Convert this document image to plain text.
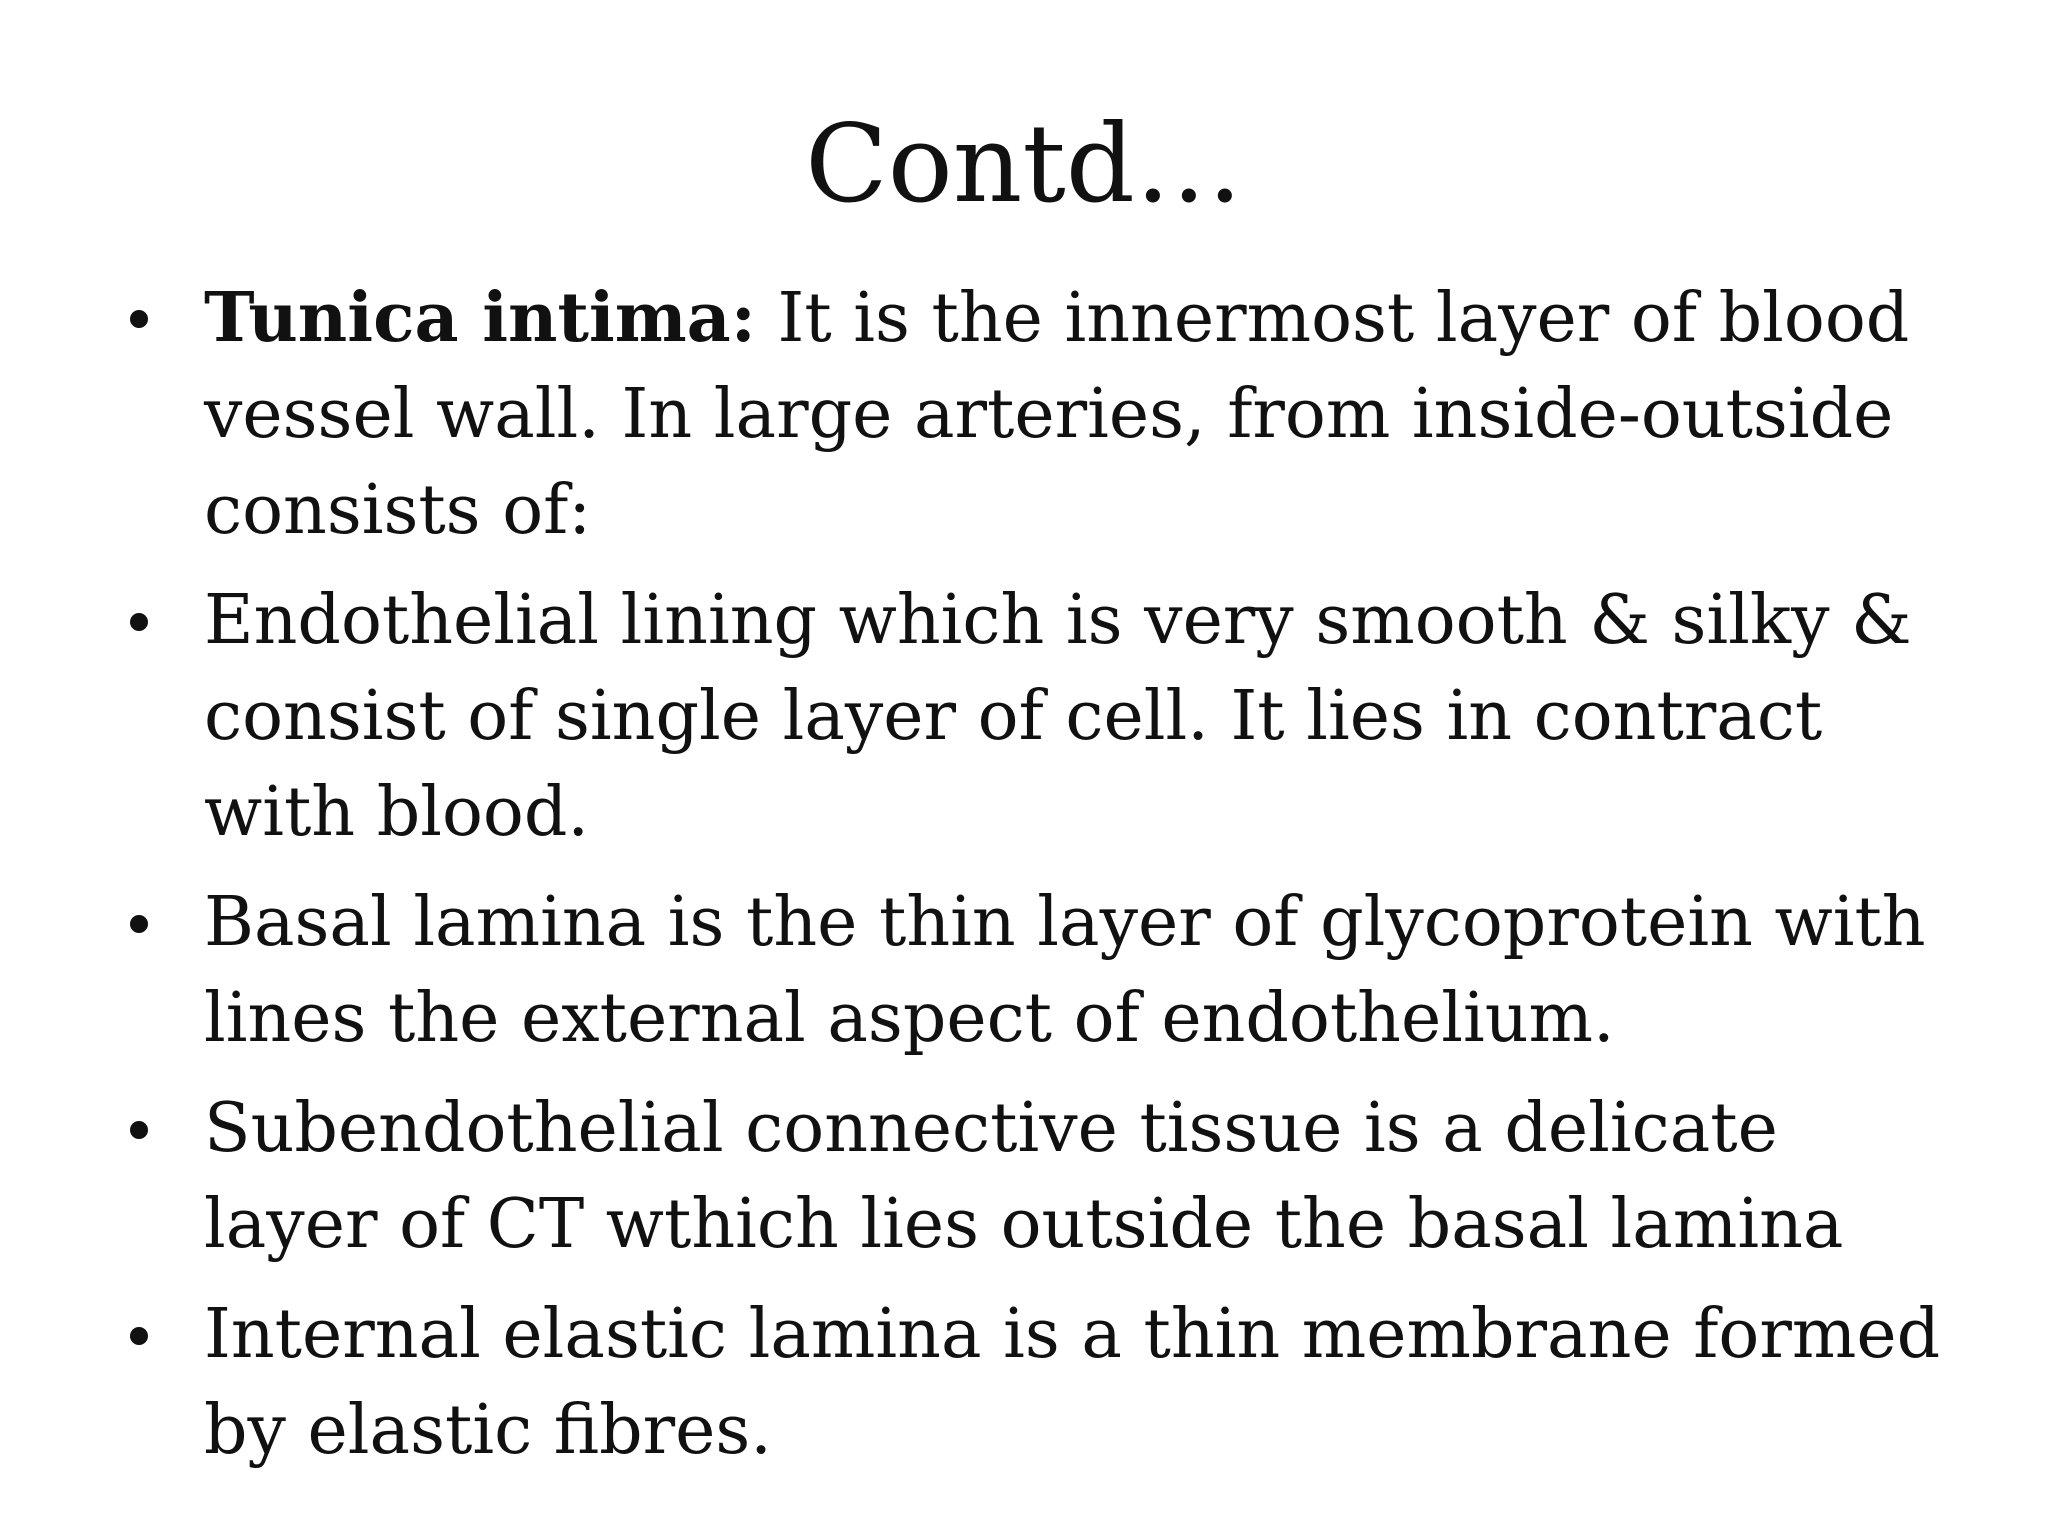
Contd…
Tunica intima: It is the innermost layer of blood vessel wall. In large arteries, from inside-outside consists of:
Endothelial lining which is very smooth & silky & consist of single layer of cell. It lies in contract with blood.
Basal lamina is the thin layer of glycoprotein with lines the external aspect of endothelium.
Subendothelial connective tissue is a delicate layer of CT wthich lies outside the basal lamina
Internal elastic lamina is a thin membrane formed by elastic fibres.
